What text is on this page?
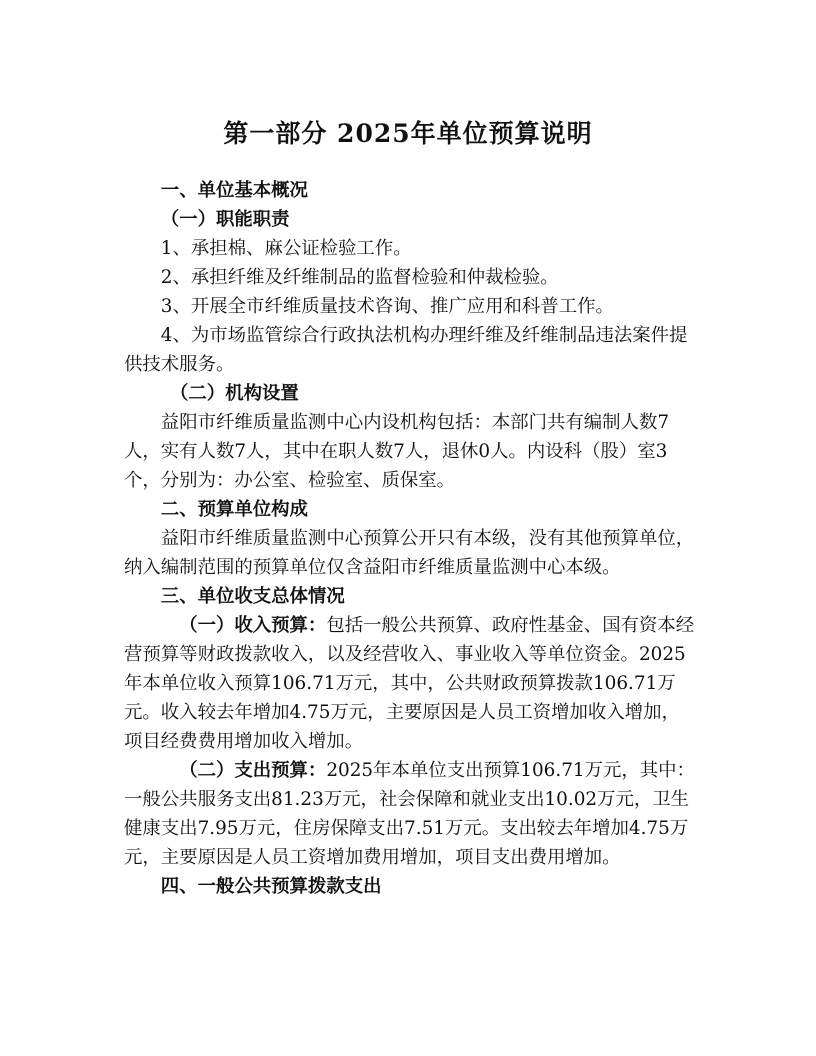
第一部分 2025年单位预算说明

一、单位基本概况

（一）职能职责

1、承担棉、麻公证检验工作。

2、承担纤维及纤维制品的监督检验和仲裁检验。

3、开展全市纤维质量技术咨询、推广应用和科普工作。

4、为市场监管综合行政执法机构办理纤维及纤维制品违法案件提供技术服务。

（二）机构设置

益阳市纤维质量监测中心内设机构包括：本部门共有编制人数7人，实有人数7人，其中在职人数7人，退休0人。内设科（股）室3个，分别为：办公室、检验室、质保室。

二、预算单位构成

益阳市纤维质量监测中心预算公开只有本级，没有其他预算单位，纳入编制范围的预算单位仅含益阳市纤维质量监测中心本级。

三、单位收支总体情况

（一）收入预算：包括一般公共预算、政府性基金、国有资本经营预算等财政拨款收入，以及经营收入、事业收入等单位资金。2025年本单位收入预算106.71万元，其中，公共财政预算拨款106.71万元。收入较去年增加4.75万元，主要原因是人员工资增加收入增加，项目经费费用增加收入增加。

（二）支出预算：2025年本单位支出预算106.71万元，其中：一般公共服务支出81.23万元，社会保障和就业支出10.02万元，卫生健康支出7.95万元，住房保障支出7.51万元。支出较去年增加4.75万元，主要原因是人员工资增加费用增加，项目支出费用增加。

四、一般公共预算拨款支出
